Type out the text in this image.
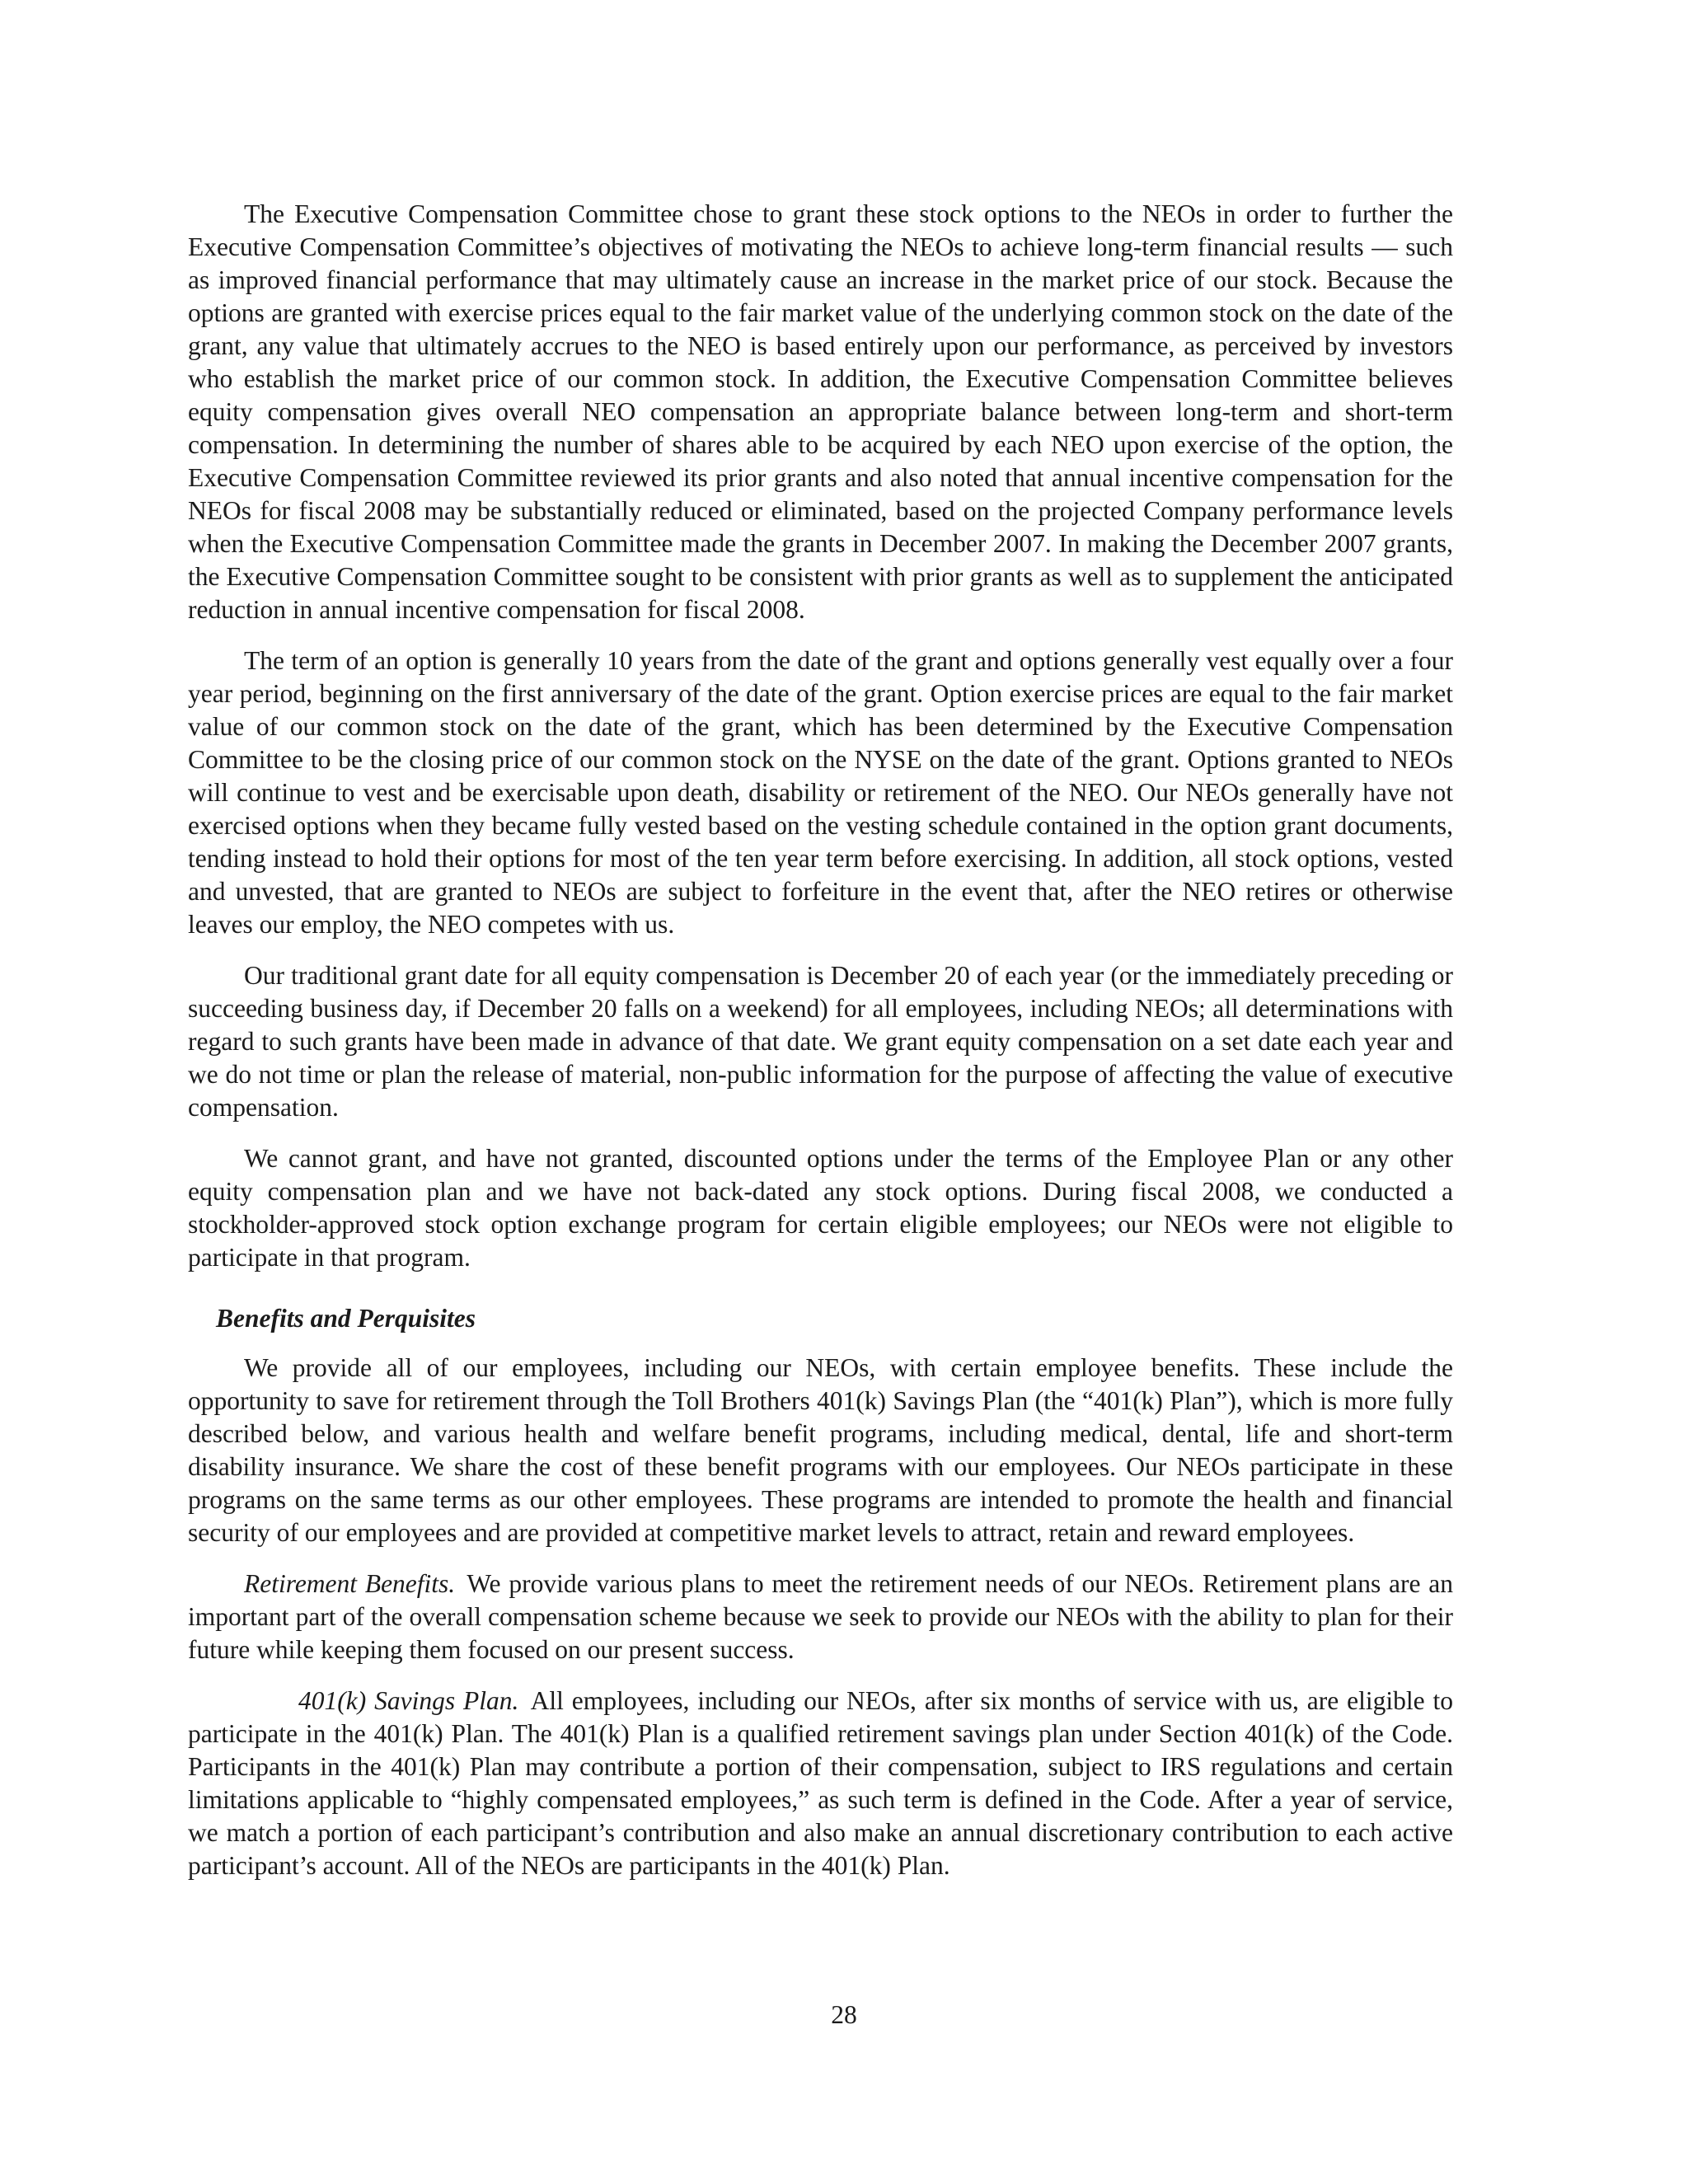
The Executive Compensation Committee chose to grant these stock options to the NEOs in order to further the Executive Compensation Committee’s objectives of motivating the NEOs to achieve long-term financial results — such as improved financial performance that may ultimately cause an increase in the market price of our stock. Because the options are granted with exercise prices equal to the fair market value of the underlying common stock on the date of the grant, any value that ultimately accrues to the NEO is based entirely upon our performance, as perceived by investors who establish the market price of our common stock. In addition, the Executive Compensation Committee believes equity compensation gives overall NEO compensation an appropriate balance between long-term and short-term compensation. In determining the number of shares able to be acquired by each NEO upon exercise of the option, the Executive Compensation Committee reviewed its prior grants and also noted that annual incentive compensation for the NEOs for fiscal 2008 may be substantially reduced or eliminated, based on the projected Company performance levels when the Executive Compensation Committee made the grants in December 2007. In making the December 2007 grants, the Executive Compensation Committee sought to be consistent with prior grants as well as to supplement the anticipated reduction in annual incentive compensation for fiscal 2008.

The term of an option is generally 10 years from the date of the grant and options generally vest equally over a four year period, beginning on the first anniversary of the date of the grant. Option exercise prices are equal to the fair market value of our common stock on the date of the grant, which has been determined by the Executive Compensation Committee to be the closing price of our common stock on the NYSE on the date of the grant. Options granted to NEOs will continue to vest and be exercisable upon death, disability or retirement of the NEO. Our NEOs generally have not exercised options when they became fully vested based on the vesting schedule contained in the option grant documents, tending instead to hold their options for most of the ten year term before exercising. In addition, all stock options, vested and unvested, that are granted to NEOs are subject to forfeiture in the event that, after the NEO retires or otherwise leaves our employ, the NEO competes with us.

Our traditional grant date for all equity compensation is December 20 of each year (or the immediately preceding or succeeding business day, if December 20 falls on a weekend) for all employees, including NEOs; all determinations with regard to such grants have been made in advance of that date. We grant equity compensation on a set date each year and we do not time or plan the release of material, non-public information for the purpose of affecting the value of executive compensation.

We cannot grant, and have not granted, discounted options under the terms of the Employee Plan or any other equity compensation plan and we have not back-dated any stock options. During fiscal 2008, we conducted a stockholder-approved stock option exchange program for certain eligible employees; our NEOs were not eligible to participate in that program.

Benefits and Perquisites

We provide all of our employees, including our NEOs, with certain employee benefits. These include the opportunity to save for retirement through the Toll Brothers 401(k) Savings Plan (the “401(k) Plan”), which is more fully described below, and various health and welfare benefit programs, including medical, dental, life and short-term disability insurance. We share the cost of these benefit programs with our employees. Our NEOs participate in these programs on the same terms as our other employees. These programs are intended to promote the health and financial security of our employees and are provided at competitive market levels to attract, retain and reward employees.

Retirement Benefits. We provide various plans to meet the retirement needs of our NEOs. Retirement plans are an important part of the overall compensation scheme because we seek to provide our NEOs with the ability to plan for their future while keeping them focused on our present success.

401(k) Savings Plan. All employees, including our NEOs, after six months of service with us, are eligible to participate in the 401(k) Plan. The 401(k) Plan is a qualified retirement savings plan under Section 401(k) of the Code. Participants in the 401(k) Plan may contribute a portion of their compensation, subject to IRS regulations and certain limitations applicable to “highly compensated employees,” as such term is defined in the Code. After a year of service, we match a portion of each participant’s contribution and also make an annual discretionary contribution to each active participant’s account. All of the NEOs are participants in the 401(k) Plan.

28
